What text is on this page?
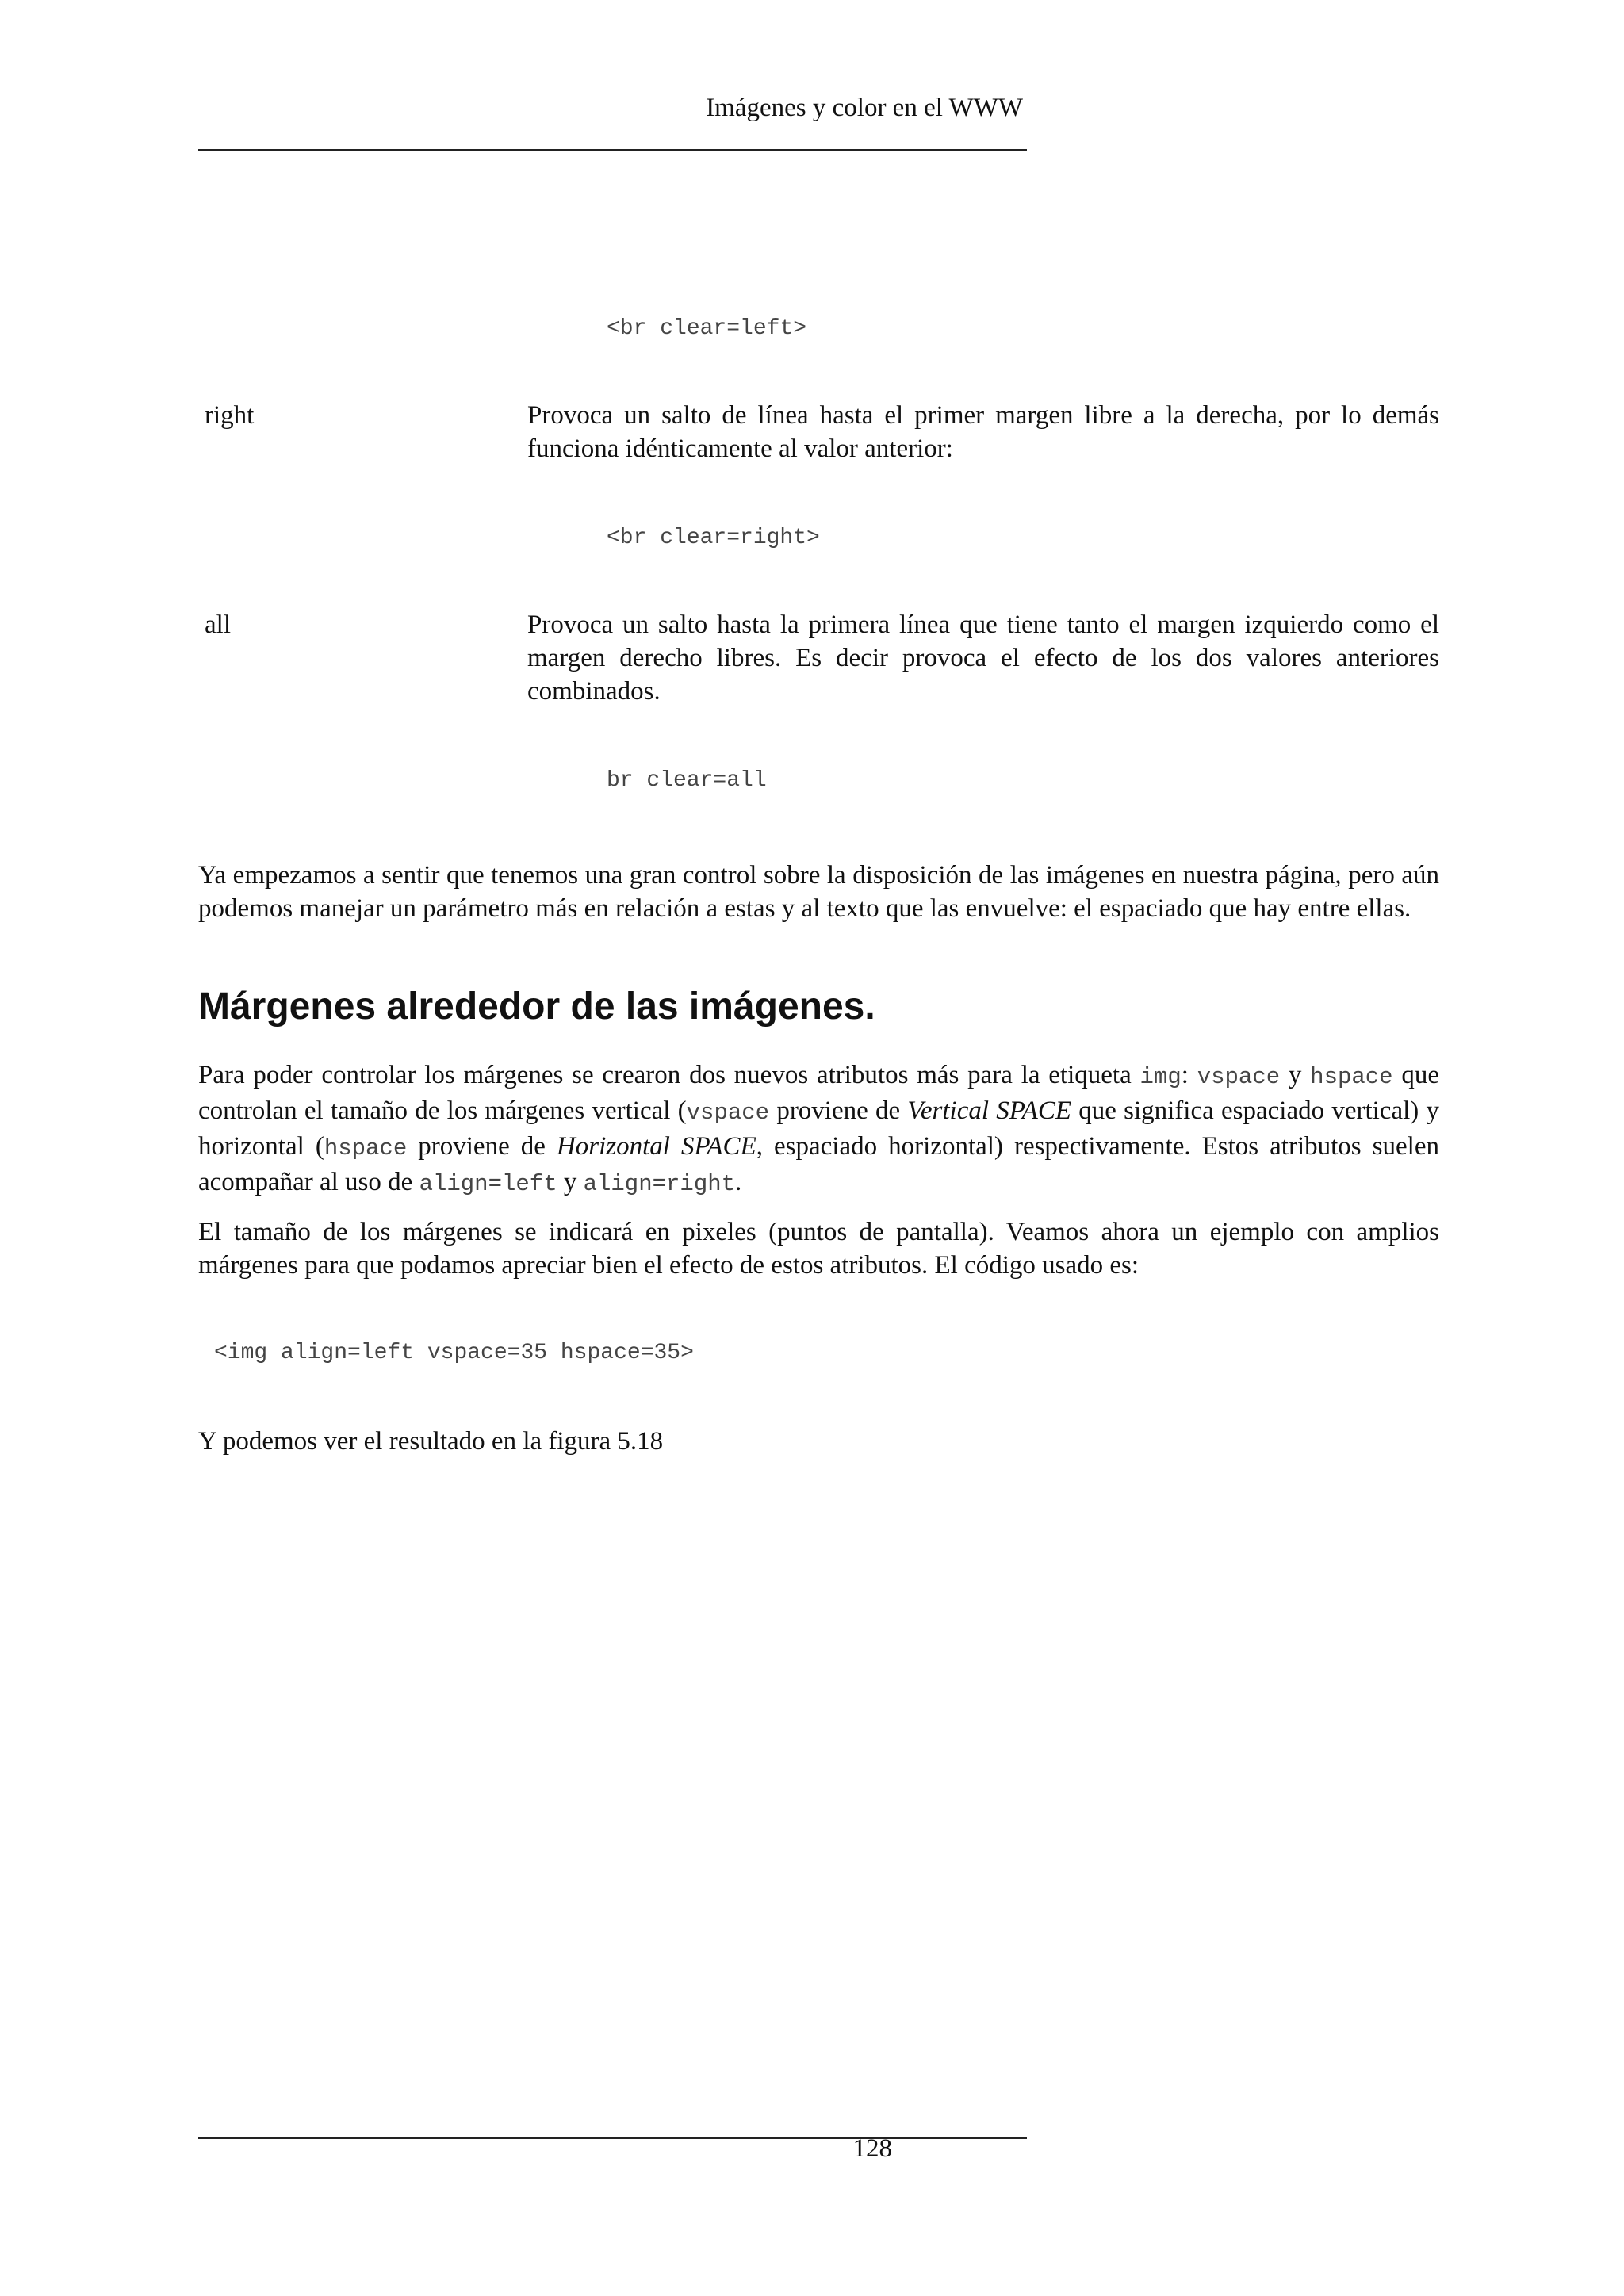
Imágenes y color en el WWW
<br clear=left>
right	Provoca un salto de línea hasta el primer margen libre a la derecha, por lo demás funciona idénticamente al valor anterior:
<br clear=right>
all	Provoca un salto hasta la primera línea que tiene tanto el margen izquierdo como el margen derecho libres. Es decir provoca el efecto de los dos valores anteriores combinados.
br clear=all
Ya empezamos a sentir que tenemos una gran control sobre la disposición de las imágenes en nuestra página, pero aún podemos manejar un parámetro más en relación a estas y al texto que las envuelve: el espaciado que hay entre ellas.
Márgenes alrededor de las imágenes.
Para poder controlar los márgenes se crearon dos nuevos atributos más para la etiqueta img: vspace y hspace que controlan el tamaño de los márgenes vertical (vspace proviene de Vertical SPACE que significa espaciado vertical) y horizontal (hspace proviene de Horizontal SPACE, espaciado horizontal) respectivamente. Estos atributos suelen acompañar al uso de align=left y align=right.
El tamaño de los márgenes se indicará en pixeles (puntos de pantalla). Veamos ahora un ejemplo con amplios márgenes para que podamos apreciar bien el efecto de estos atributos. El código usado es:
<img align=left vspace=35 hspace=35>
Y podemos ver el resultado en la figura 5.18
128
